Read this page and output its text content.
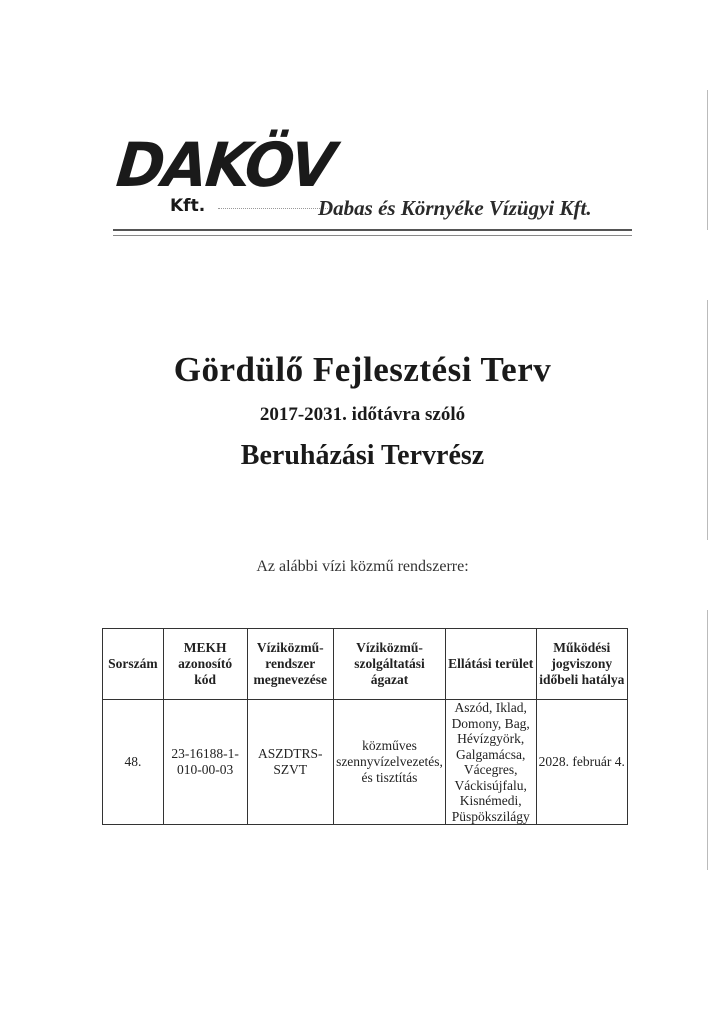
DAKÖV
Kft.	Dabas és Környéke Vízügyi Kft.
Gördülő Fejlesztési Terv
2017-2031. időtávra szóló
Beruházási Tervrész
Az alábbi vízi közmű rendszerre:
Sorszám	MEKH azonosító kód	Víziközmű-rendszer megnevezése	Víziközmű-szolgáltatási ágazat	Ellátási terület	Működési jogviszony időbeli hatálya
48.	23-16188-1-010-00-03	ASZDTRS-SZVT	közműves szennyvízelvezetés, és tisztítás	Aszód, Iklad, Domony, Bag, Hévízgyörk, Galgamácsa, Vácegres, Váckisújfalu, Kisnémedi, Püspökszilágy	2028. február 4.
